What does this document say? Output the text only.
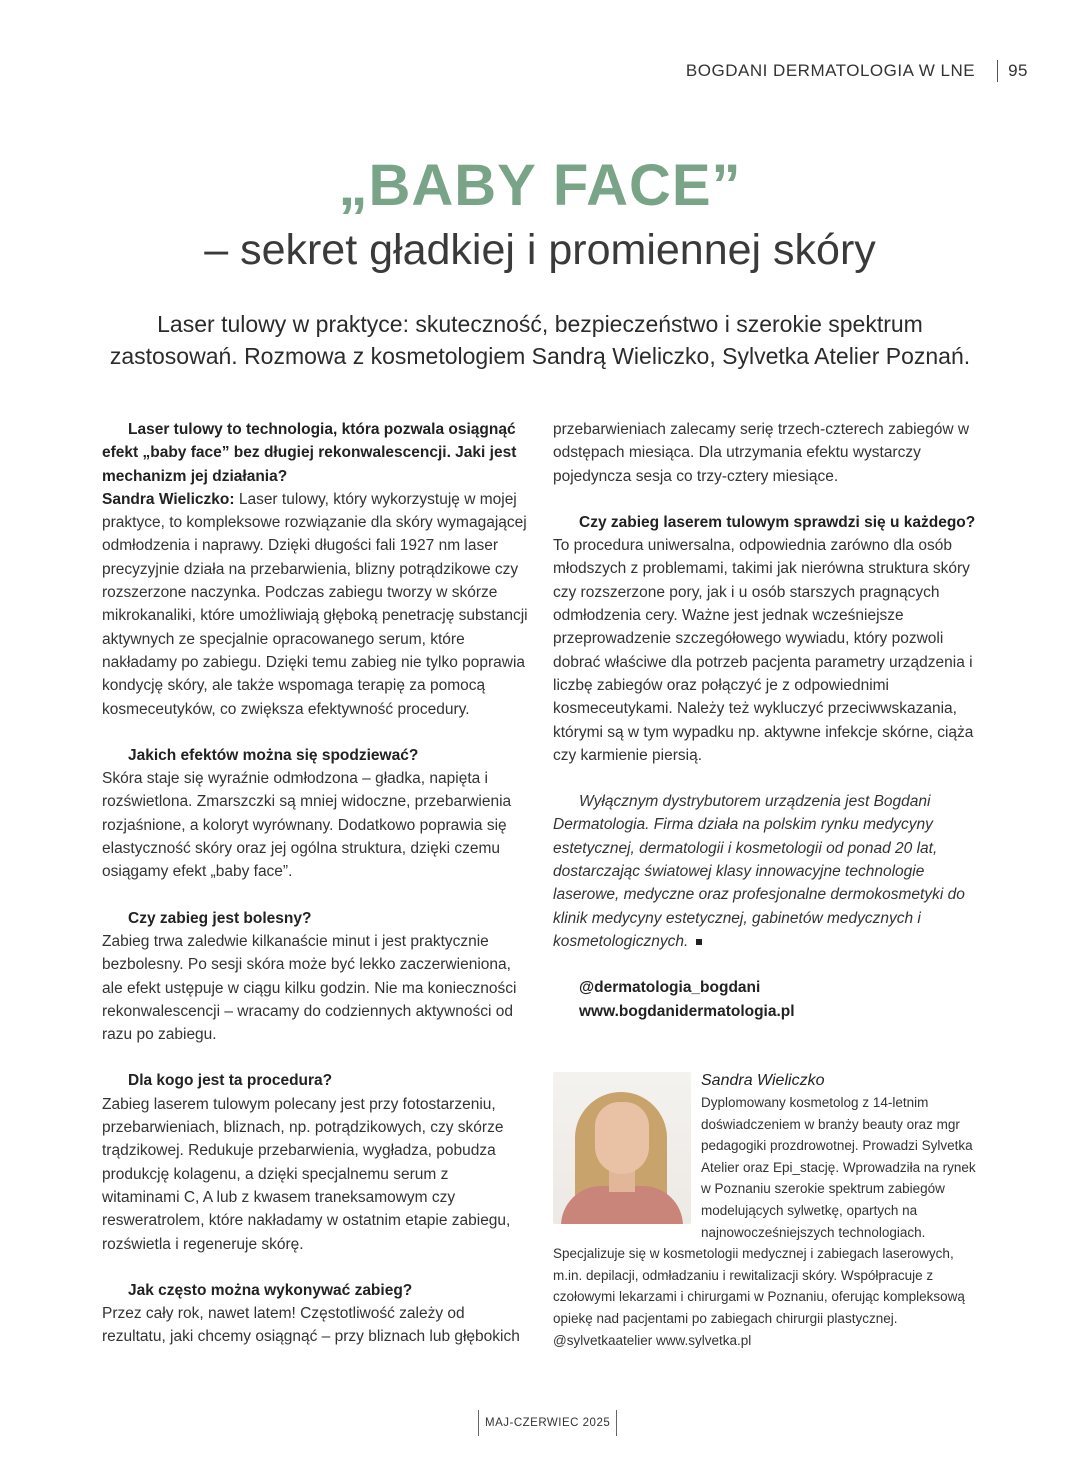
BOGDANI DERMATOLOGIA W LNE 95
„BABY FACE”
– sekret gładkiej i promiennej skóry
Laser tulowy w praktyce: skuteczność, bezpieczeństwo i szerokie spektrum
zastosowań. Rozmowa z kosmetologiem Sandrą Wieliczko, Sylvetka Atelier Poznań.

Laser tulowy to technologia, która pozwala osiągnąć efekt „baby face” bez długiej rekonwalescencji. Jaki jest mechanizm jej działania?

Sandra Wieliczko: Laser tulowy, który wykorzystuję w mojej praktyce, to kompleksowe rozwiązanie dla skóry wymagającej odmłodzenia i naprawy. Dzięki długości fali 1927 nm laser precyzyjnie działa na przebarwienia, blizny potrądzikowe czy rozszerzone naczynka. Podczas zabiegu tworzy w skórze mikrokanaliki, które umożliwiają głęboką penetrację substancji aktywnych ze specjalnie opracowanego serum, które nakładamy po zabiegu. Dzięki temu zabieg nie tylko poprawia kondycję skóry, ale także wspomaga terapię za pomocą kosmeceutyków, co zwiększa efektywność procedury.

Jakich efektów można się spodziewać?

Skóra staje się wyraźnie odmłodzona – gładka, napięta i rozświetlona. Zmarszczki są mniej widoczne, przebarwienia rozjaśnione, a koloryt wyrównany. Dodatkowo poprawia się elastyczność skóry oraz jej ogólna struktura, dzięki czemu osiągamy efekt „baby face”.

Czy zabieg jest bolesny?

Zabieg trwa zaledwie kilkanaście minut i jest praktycznie bezbolesny. Po sesji skóra może być lekko zaczerwieniona, ale efekt ustępuje w ciągu kilku godzin. Nie ma konieczności rekonwalescencji – wracamy do codziennych aktywności od razu po zabiegu.

Dla kogo jest ta procedura?

Zabieg laserem tulowym polecany jest przy fotostarzeniu, przebarwieniach, bliznach, np. potrądzikowych, czy skórze trądzikowej. Redukuje przebarwienia, wygładza, pobudza produkcję kolagenu, a dzięki specjalnemu serum z witaminami C, A lub z kwasem traneksamowym czy resweratrolem, które nakładamy w ostatnim etapie zabiegu, rozświetla i regeneruje skórę.

Jak często można wykonywać zabieg?

Przez cały rok, nawet latem! Częstotliwość zależy od rezultatu, jaki chcemy osiągnąć – przy bliznach lub głębokich

przebarwieniach zalecamy serię trzech-czterech zabiegów w odstępach miesiąca. Dla utrzymania efektu wystarczy pojedyncza sesja co trzy-cztery miesiące.

Czy zabieg laserem tulowym sprawdzi się u każdego?

To procedura uniwersalna, odpowiednia zarówno dla osób młodszych z problemami, takimi jak nierówna struktura skóry czy rozszerzone pory, jak i u osób starszych pragnących odmłodzenia cery. Ważne jest jednak wcześniejsze przeprowadzenie szczegółowego wywiadu, który pozwoli dobrać właściwe dla potrzeb pacjenta parametry urządzenia i liczbę zabiegów oraz połączyć je z odpowiednimi kosmeceutykami. Należy też wykluczyć przeciwwskazania, którymi są w tym wypadku np. aktywne infekcje skórne, ciąża czy karmienie piersią.

Wyłącznym dystrybutorem urządzenia jest Bogdani Dermatologia. Firma działa na polskim rynku medycyny estetycznej, dermatologii i kosmetologii od ponad 20 lat, dostarczając światowej klasy innowacyjne technologie laserowe, medyczne oraz profesjonalne dermokosmetyki do klinik medycyny estetycznej, gabinetów medycznych i kosmetologicznych.

@dermatologia_bogdani

www.bogdanidermatologia.pl

Sandra Wieliczko

Dyplomowany kosmetolog z 14-letnim doświadczeniem w branży beauty oraz mgr pedagogiki prozdrowotnej. Prowadzi Sylvetka Atelier oraz Epi_stację. Wprowadziła na rynek w Poznaniu szerokie spektrum zabiegów modelujących sylwetkę, opartych na najnowocześniejszych technologiach. Specjalizuje się w kosmetologii medycznej i zabiegach laserowych, m.in. depilacji, odmładzaniu i rewitalizacji skóry. Współpracuje z czołowymi lekarzami i chirurgami w Poznaniu, oferując kompleksową opiekę nad pacjentami po zabiegach chirurgii plastycznej.

@sylvetkaatelier www.sylvetka.pl

MAJ-CZERWIEC 2025
